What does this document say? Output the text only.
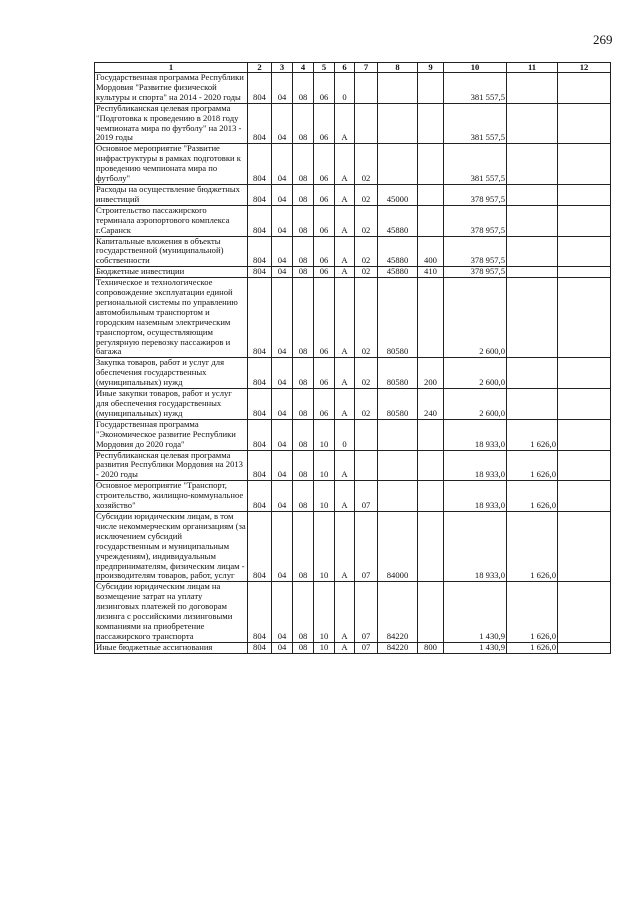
269
1	2	3	4	5	6	7	8	9	10	11	12
Государственная программа Республики Мордовия "Развитие физической культуры и спорта" на 2014 - 2020 годы	804	04	08	06	0				381 557,5		
Республиканская целевая программа "Подготовка к проведению в 2018 году чемпионата мира по футболу" на 2013 - 2019 годы	804	04	08	06	А				381 557,5		
Основное мероприятие "Развитие инфраструктуры в рамках подготовки к проведению чемпионата мира по футболу"	804	04	08	06	А	02			381 557,5		
Расходы на осуществление бюджетных инвестиций	804	04	08	06	А	02	45000		378 957,5		
Строительство пассажирского терминала аэропортового комплекса г.Саранск	804	04	08	06	А	02	45880		378 957,5		
Капитальные вложения в объекты государственной (муниципальной) собственности	804	04	08	06	А	02	45880	400	378 957,5		
Бюджетные инвестиции	804	04	08	06	А	02	45880	410	378 957,5		
Техническое и технологическое сопровождение эксплуатации единой региональной системы по управлению автомобильным транспортом и городским наземным электрическим транспортом, осуществляющим регулярную перевозку пассажиров и багажа	804	04	08	06	А	02	80580		2 600,0		
Закупка товаров, работ и услуг для обеспечения государственных (муниципальных) нужд	804	04	08	06	А	02	80580	200	2 600,0		
Иные закупки товаров, работ и услуг для обеспечения государственных (муниципальных) нужд	804	04	08	06	А	02	80580	240	2 600,0		
Государственная программа "Экономическое развитие Республики Мордовия до 2020 года"	804	04	08	10	0				18 933,0	1 626,0	
Республиканская целевая программа развития Республики Мордовия на 2013 - 2020 годы	804	04	08	10	А				18 933,0	1 626,0	
Основное мероприятие "Транспорт, строительство, жилищно-коммунальное хозяйство"	804	04	08	10	А	07			18 933,0	1 626,0	
Субсидии юридическим лицам, в том числе некоммерческим организациям (за исключением субсидий государственным и муниципальным учреждениям), индивидуальным предпринимателям, физическим лицам - производителям товаров, работ, услуг	804	04	08	10	А	07	84000		18 933,0	1 626,0	
Субсидии юридическим лицам на возмещение затрат на уплату лизинговых платежей по договорам лизинга с российскими лизинговыми компаниями на приобретение пассажирского транспорта	804	04	08	10	А	07	84220		1 430,9	1 626,0	
Иные бюджетные ассигнования	804	04	08	10	А	07	84220	800	1 430,9	1 626,0	
